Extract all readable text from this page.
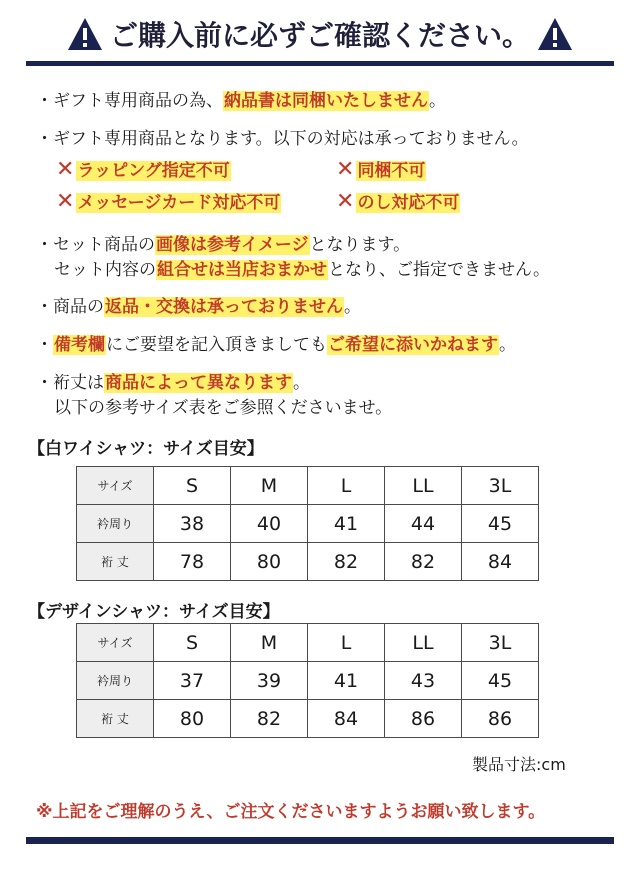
ご購入前に必ずご確認ください。
・ギフト専用商品の為、納品書は同梱いたしません。
・ギフト専用商品となります。以下の対応は承っておりません。
✕ ラッピング指定不可	✕ 同梱不可
✕ メッセージカード対応不可	✕ のし対応不可
・セット商品の画像は参考イメージとなります。
セット内容の組合せは当店おまかせとなり、ご指定できません。
・商品の返品・交換は承っておりません。
・備考欄にご要望を記入頂きましてもご希望に添いかねます。
・裄丈は商品によって異なります。
以下の参考サイズ表をご参照くださいませ。
【白ワイシャツ：サイズ目安】
サイズ	S	M	L	LL	3L
衿周り	38	40	41	44	45
裄 丈	78	80	82	82	84
【デザインシャツ：サイズ目安】
サイズ	S	M	L	LL	3L
衿周り	37	39	41	43	45
裄 丈	80	82	84	86	86
製品寸法:cm
※上記をご理解のうえ、ご注文くださいますようお願い致します。
